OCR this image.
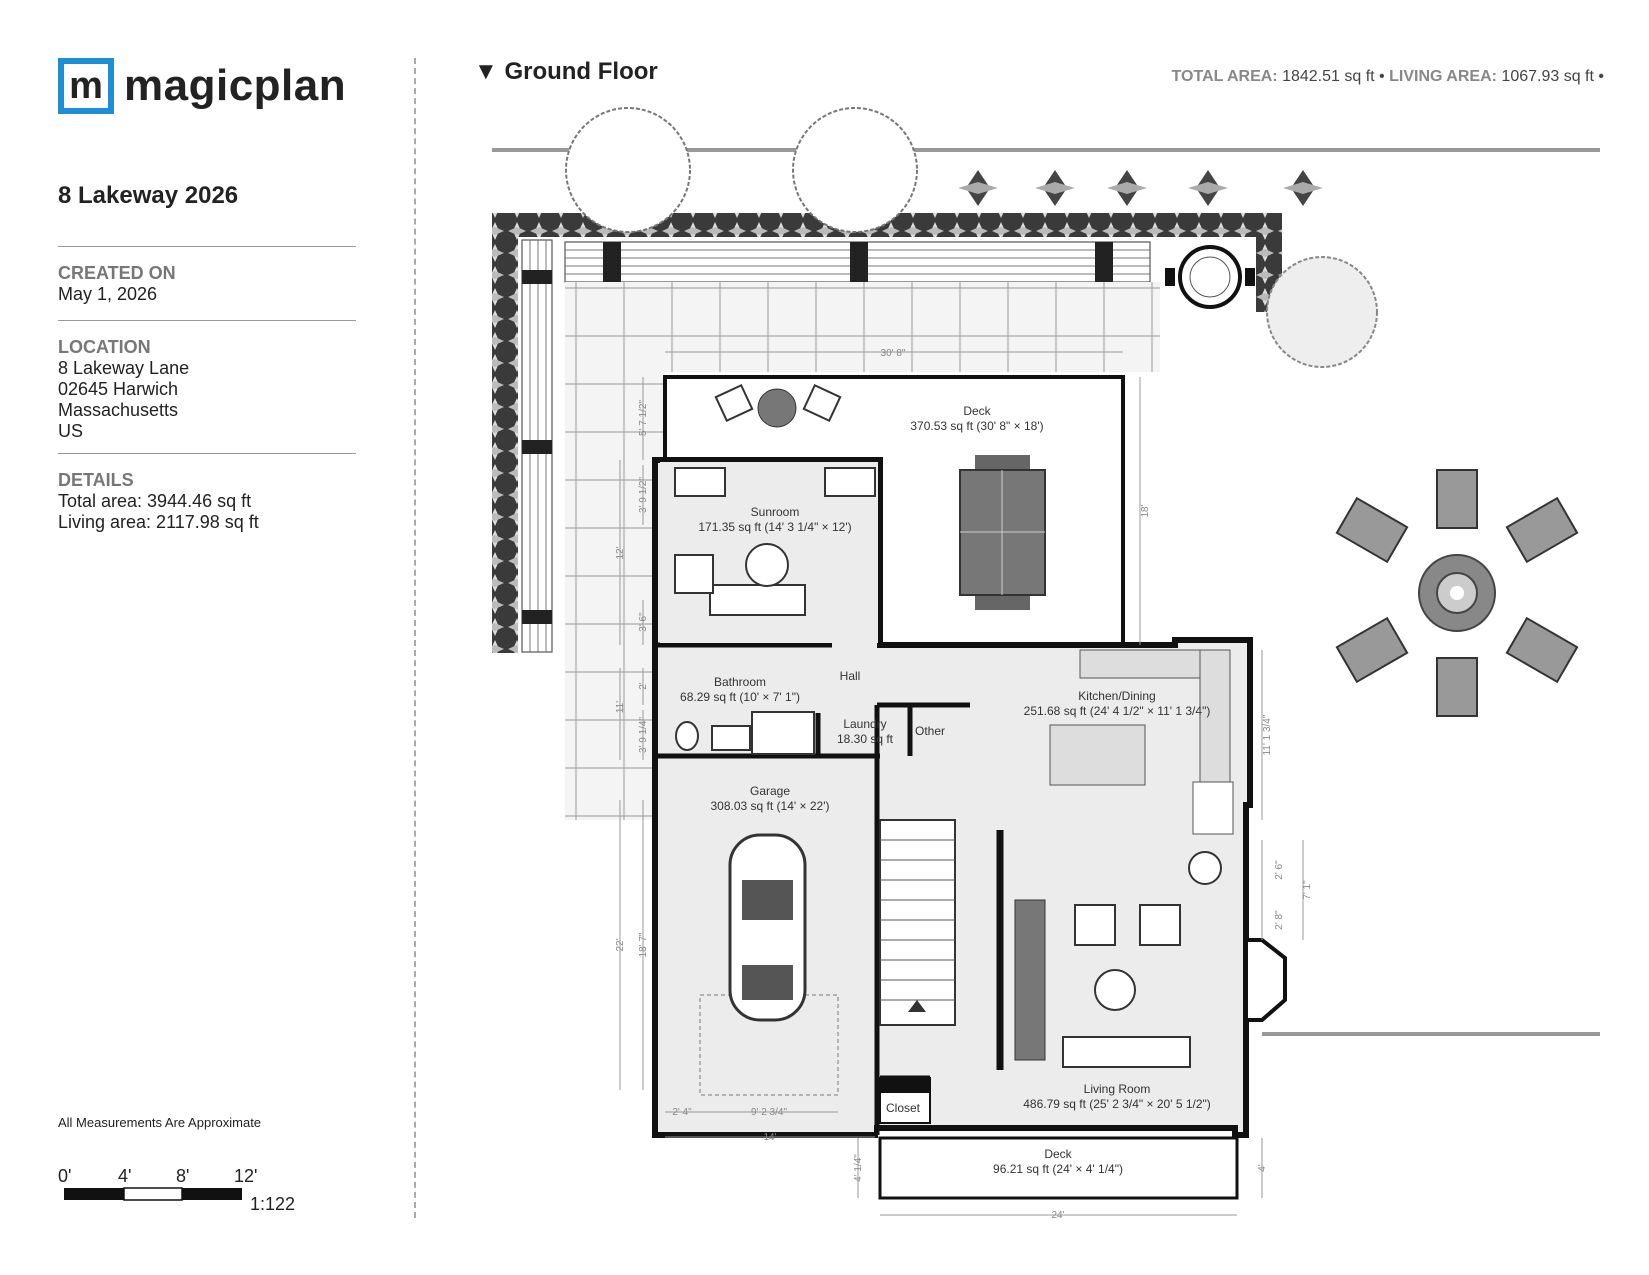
m magicplan
8 Lakeway 2026
CREATED ON
May 1, 2026
LOCATION
8 Lakeway Lane
02645 Harwich
Massachusetts
US
DETAILS
Total area: 3944.46 sq ft
Living area: 2117.98 sq ft
All Measurements Are Approximate
0'	4' 8' 12'
1:122
▼ Ground Floor	TOTAL AREA: 1842.51 sq ft • LIVING AREA: 1067.93 sq ft •
Deck
370.53 sq ft (30' 8" × 18')
Sunroom
171.35 sq ft (14' 3 1/4" × 12')
Bathroom
68.29 sq ft (10' × 7' 1")
Hall
Laundry
18.30 sq ft
Other
Kitchen/Dining
251.68 sq ft (24' 4 1/2" × 11' 1 3/4")
Garage
308.03 sq ft (14' × 22')
Living Room
486.79 sq ft (25' 2 3/4" × 20' 5 1/2")
Closet
Deck
96.21 sq ft (24' × 4' 1/4")
30' 8"
18'
5' 7 1/2"
3' 9 1/2"
12'
3' 6"
2'
11'
3' 9 1/4"	11' 1 3/4"
2' 6"
2' 8"
7' 1"
22' 18' 7"
2' 4"	9' 2 3/4"
14'
4' 1/4"	4'
24'
